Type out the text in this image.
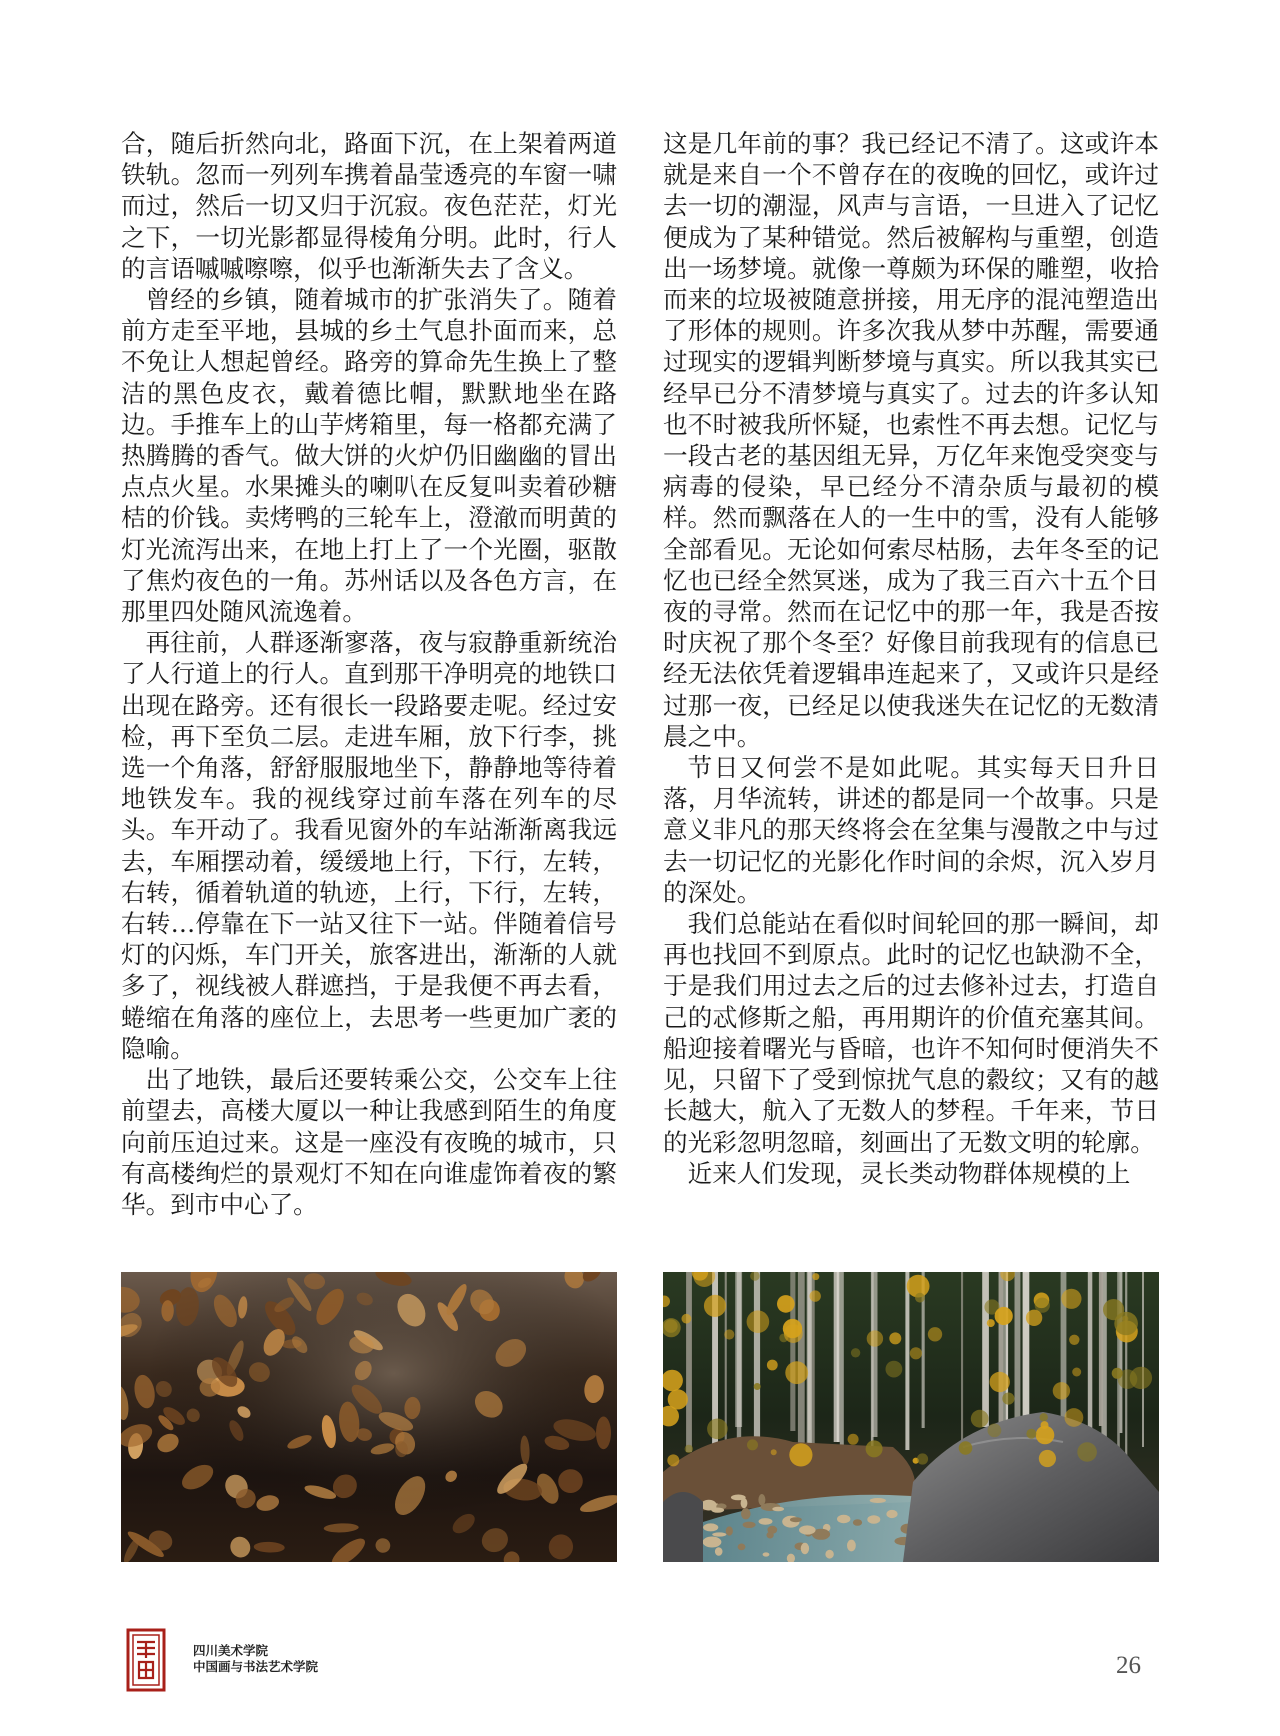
合，随后折然向北，路面下沉，在上架着两道铁轨。忽而一列列车携着晶莹透亮的车窗一啸而过，然后一切又归于沉寂。夜色茫茫，灯光之下，一切光影都显得棱角分明。此时，行人的言语嘁嘁嚓嚓，似乎也渐渐失去了含义。

曾经的乡镇，随着城市的扩张消失了。随着前方走至平地，县城的乡土气息扑面而来，总不免让人想起曾经。路旁的算命先生换上了整洁的黑色皮衣，戴着德比帽，默默地坐在路边。手推车上的山芋烤箱里，每一格都充满了热腾腾的香气。做大饼的火炉仍旧幽幽的冒出点点火星。水果摊头的喇叭在反复叫卖着砂糖桔的价钱。卖烤鸭的三轮车上，澄澈而明黄的灯光流泻出来，在地上打上了一个光圈，驱散了焦灼夜色的一角。苏州话以及各色方言，在那里四处随风流逸着。

再往前，人群逐渐寥落，夜与寂静重新统治了人行道上的行人。直到那干净明亮的地铁口出现在路旁。还有很长一段路要走呢。经过安检，再下至负二层。走进车厢，放下行李，挑选一个角落，舒舒服服地坐下，静静地等待着地铁发车。我的视线穿过前车落在列车的尽头。车开动了。我看见窗外的车站渐渐离我远去，车厢摆动着，缓缓地上行，下行，左转，右转，循着轨道的轨迹，上行，下行，左转，右转…停靠在下一站又往下一站。伴随着信号灯的闪烁，车门开关，旅客进出，渐渐的人就多了，视线被人群遮挡，于是我便不再去看，蜷缩在角落的座位上，去思考一些更加广袤的隐喻。

出了地铁，最后还要转乘公交，公交车上往前望去，高楼大厦以一种让我感到陌生的角度向前压迫过来。这是一座没有夜晚的城市，只有高楼绚烂的景观灯不知在向谁虚饰着夜的繁华。到市中心了。

这是几年前的事？我已经记不清了。这或许本就是来自一个不曾存在的夜晚的回忆，或许过去一切的潮湿，风声与言语，一旦进入了记忆便成为了某种错觉。然后被解构与重塑，创造出一场梦境。就像一尊颇为环保的雕塑，收拾而来的垃圾被随意拼接，用无序的混沌塑造出了形体的规则。许多次我从梦中苏醒，需要通过现实的逻辑判断梦境与真实。所以我其实已经早已分不清梦境与真实了。过去的许多认知也不时被我所怀疑，也索性不再去想。记忆与一段古老的基因组无异，万亿年来饱受突变与病毒的侵染，早已经分不清杂质与最初的模样。然而飘落在人的一生中的雪，没有人能够全部看见。无论如何索尽枯肠，去年冬至的记忆也已经全然冥迷，成为了我三百六十五个日夜的寻常。然而在记忆中的那一年，我是否按时庆祝了那个冬至？好像目前我现有的信息已经无法依凭着逻辑串连起来了，又或许只是经过那一夜，已经足以使我迷失在记忆的无数清晨之中。

节日又何尝不是如此呢。其实每天日升日落，月华流转，讲述的都是同一个故事。只是意义非凡的那天终将会在坌集与漫散之中与过去一切记忆的光影化作时间的余烬，沉入岁月的深处。

我们总能站在看似时间轮回的那一瞬间，却再也找回不到原点。此时的记忆也缺泐不全，于是我们用过去之后的过去修补过去，打造自己的忒修斯之船，再用期许的价值充塞其间。船迎接着曙光与昏暗，也许不知何时便消失不见，只留下了受到惊扰气息的縠纹；又有的越长越大，航入了无数人的梦程。千年来，节日的光彩忽明忽暗，刻画出了无数文明的轮廓。

近来人们发现，灵长类动物群体规模的上

四川美术学院
中国画与书法艺术学院	26
